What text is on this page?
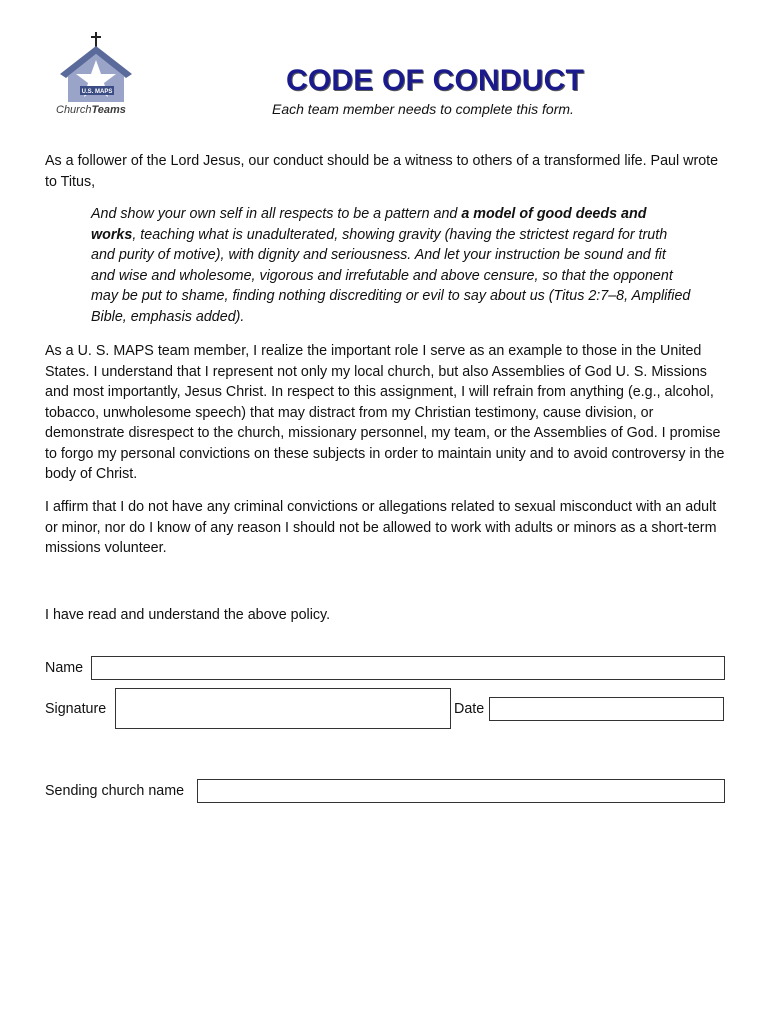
U.S. MAPS
ChurchTeams
CODE OF CONDUCT
Each team member needs to complete this form.
As a follower of the Lord Jesus, our conduct should be a witness to others of a transformed life. Paul wrote to Titus,
And show your own self in all respects to be a pattern and a model of good deeds and works, teaching what is unadulterated, showing gravity (having the strictest regard for truth and purity of motive), with dignity and seriousness. And let your instruction be sound and fit and wise and wholesome, vigorous and irrefutable and above censure, so that the opponent may be put to shame, finding nothing discrediting or evil to say about us (Titus 2:7–8, Amplified Bible, emphasis added).
As a U. S. MAPS team member, I realize the important role I serve as an example to those in the United States. I understand that I represent not only my local church, but also Assemblies of God U. S. Missions and most importantly, Jesus Christ. In respect to this assignment, I will refrain from anything (e.g., alcohol, tobacco, unwholesome speech) that may distract from my Christian testimony, cause division, or demonstrate disrespect to the church, missionary personnel, my team, or the Assemblies of God. I promise to forgo my personal convictions on these subjects in order to maintain unity and to avoid controversy in the body of Christ.
I affirm that I do not have any criminal convictions or allegations related to sexual misconduct with an adult or minor, nor do I know of any reason I should not be allowed to work with adults or minors as a short-term missions volunteer.
I have read and understand the above policy.
Name
Signature	Date
Sending church name
